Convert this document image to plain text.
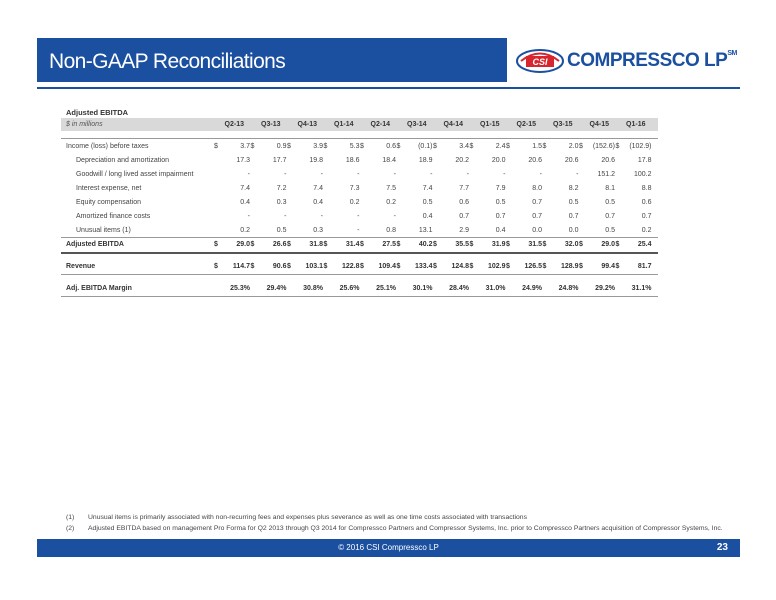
Non-GAAP Reconciliations	CSI COMPRESSCO LP℠
Adjusted EBITDA
$ in millions	Q2-13	Q3-13	Q4-13	Q1-14	Q2-14	Q3-14	Q4-14	Q1-15	Q2-15	Q3-15	Q4-15	Q1-16
Income (loss) before taxes	$	3.7 $	0.9 $	3.9 $	5.3 $	0.6 $	(0.1) $	3.4 $	2.4 $	1.5 $	2.0 $	(152.6) $	(102.9)
Depreciation and amortization	17.3	17.7	19.8	18.6	18.4	18.9	20.2	20.0	20.6	20.6	20.6	17.8
Goodwill / long lived asset impairment	-	-	-	-	-	-	-	-	-	-	151.2	100.2
Interest expense, net	7.4	7.2	7.4	7.3	7.5	7.4	7.7	7.9	8.0	8.2	8.1	8.8
Equity compensation	0.4	0.3	0.4	0.2	0.2	0.5	0.6	0.5	0.7	0.5	0.5	0.6
Amortized finance costs	-	-	-	-	-	0.4	0.7	0.7	0.7	0.7	0.7	0.7
Unusual items (1)	0.2	0.5	0.3	-	0.8	13.1	2.9	0.4	0.0	0.0	0.5	0.2
Adjusted EBITDA	$	29.0 $	26.6 $	31.8 $	31.4 $	27.5 $	40.2 $	35.5 $	31.9 $	31.5 $	32.0 $	29.0 $	25.4
Revenue	$	114.7 $	90.6 $	103.1 $	122.8 $	109.4 $	133.4 $	124.8 $	102.9 $	126.5 $	128.9 $	99.4 $	81.7
Adj. EBITDA Margin	25.3%	29.4%	30.8%	25.6%	25.1%	30.1%	28.4%	31.0%	24.9%	24.8%	29.2%	31.1%
(1)	Unusual items is primarily associated with non-recurring fees and expenses plus severance as well as one time costs associated with transactions
(2)	Adjusted EBITDA based on management Pro Forma for Q2 2013 through Q3 2014 for Compressco Partners and Compressor Systems, Inc. prior to Compressco Partners acquisition of Compressor Systems, Inc.
© 2016 CSI Compressco LP	23
